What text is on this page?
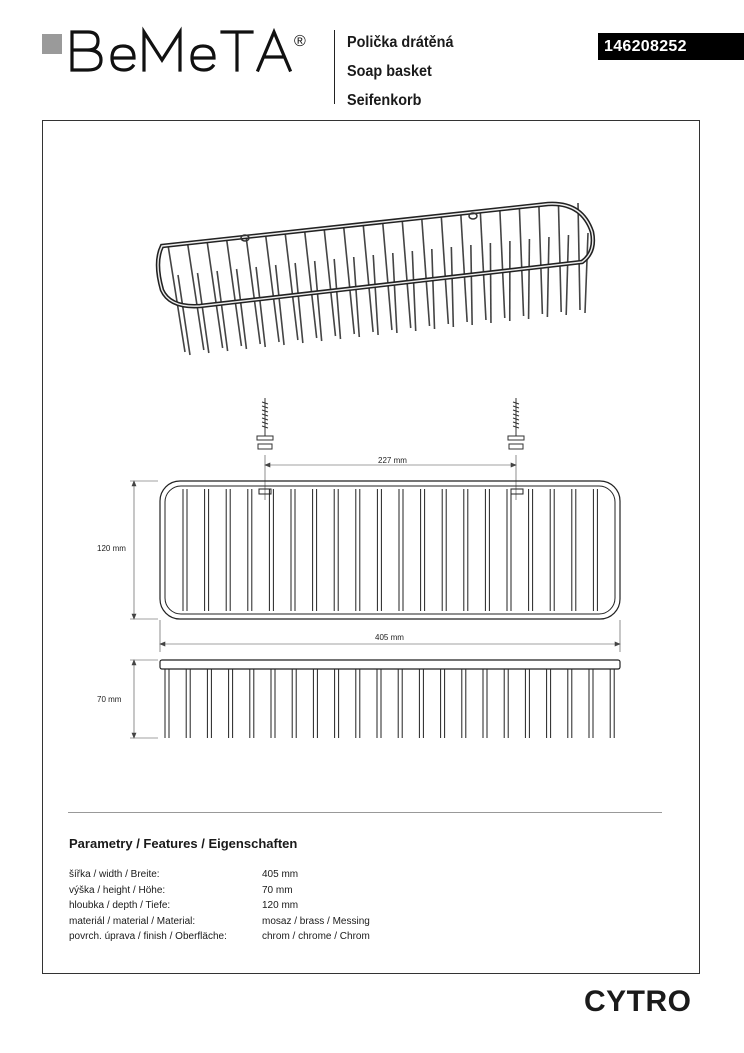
®	Polička drátěná
Soap basket
Seifenkorb
146208252
227 mm
120 mm
405 mm
70 mm
Parametry / Features / Eigenschaften
šířka / width / Breite:	405 mm
výška / height / Höhe:	70 mm
hloubka / depth / Tiefe:	120 mm
materiál / material / Material:	mosaz / brass / Messing
povrch. úprava / finish / Oberfläche:	chrom / chrome / Chrom
CYTRO
